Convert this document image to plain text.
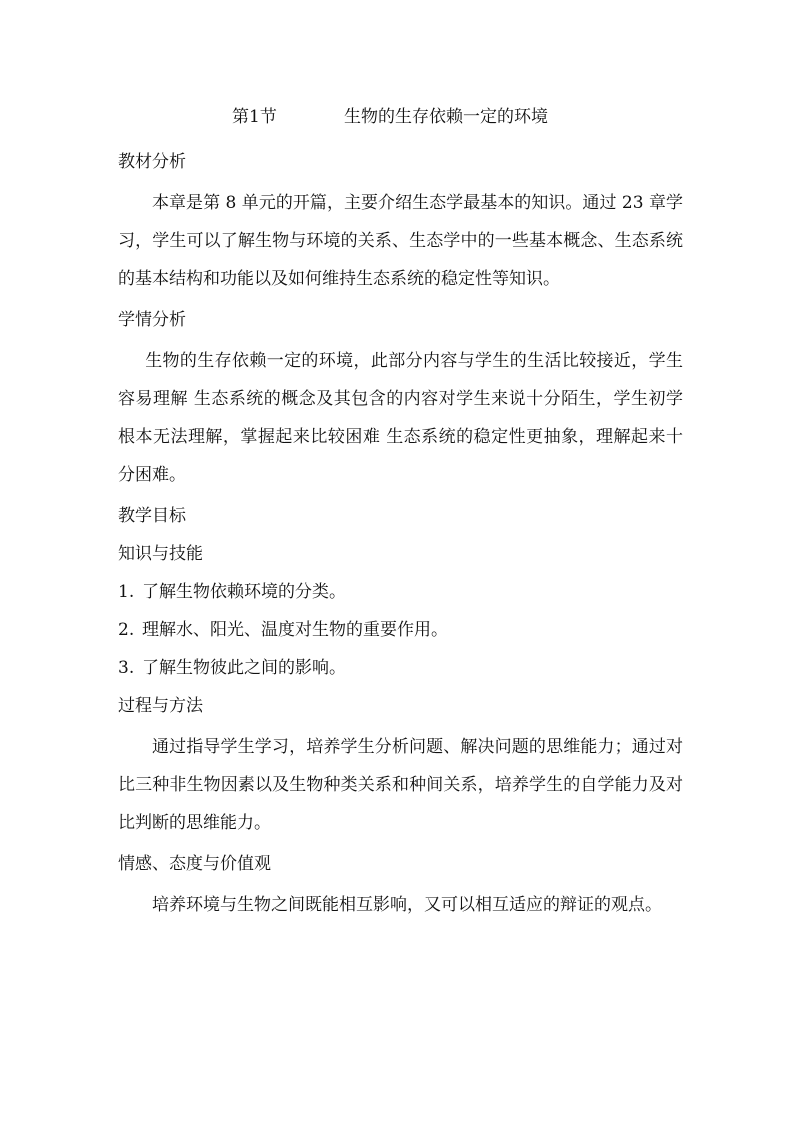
第1节	生物的生存依赖一定的环境
教材分析
本章是第 8 单元的开篇，主要介绍生态学最基本的知识。通过 23 章学习，学生可以了解生物与环境的关系、生态学中的一些基本概念、生态系统的基本结构和功能以及如何维持生态系统的稳定性等知识。
学情分析
生物的生存依赖一定的环境，此部分内容与学生的生活比较接近，学生容易理解 生态系统的概念及其包含的内容对学生来说十分陌生，学生初学根本无法理解，掌握起来比较困难 生态系统的稳定性更抽象，理解起来十分困难。
教学目标
知识与技能
1. 了解生物依赖环境的分类。
2. 理解水、阳光、温度对生物的重要作用。
3. 了解生物彼此之间的影响。
过程与方法
通过指导学生学习，培养学生分析问题、解决问题的思维能力；通过对比三种非生物因素以及生物种类关系和种间关系，培养学生的自学能力及对比判断的思维能力。
情感、态度与价值观
培养环境与生物之间既能相互影响，又可以相互适应的辩证的观点。
